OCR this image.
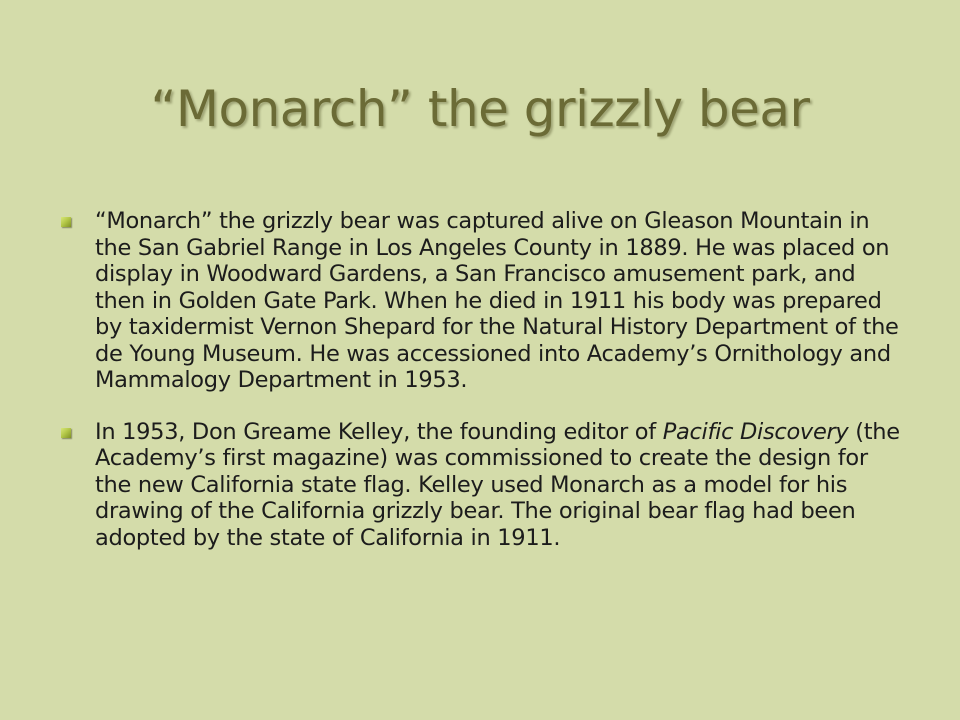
“Monarch” the grizzly bear
“Monarch” the grizzly bear was captured alive on Gleason Mountain in the San Gabriel Range in Los Angeles County in 1889. He was placed on display in Woodward Gardens, a San Francisco amusement park, and then in Golden Gate Park. When he died in 1911 his body was prepared by taxidermist Vernon Shepard for the Natural History Department of the de Young Museum. He was accessioned into Academy’s Ornithology and Mammalogy Department in 1953.
In 1953, Don Greame Kelley, the founding editor of Pacific Discovery (the Academy’s first magazine) was commissioned to create the design for the new California state flag. Kelley used Monarch as a model for his drawing of the California grizzly bear. The original bear flag had been adopted by the state of California in 1911.
